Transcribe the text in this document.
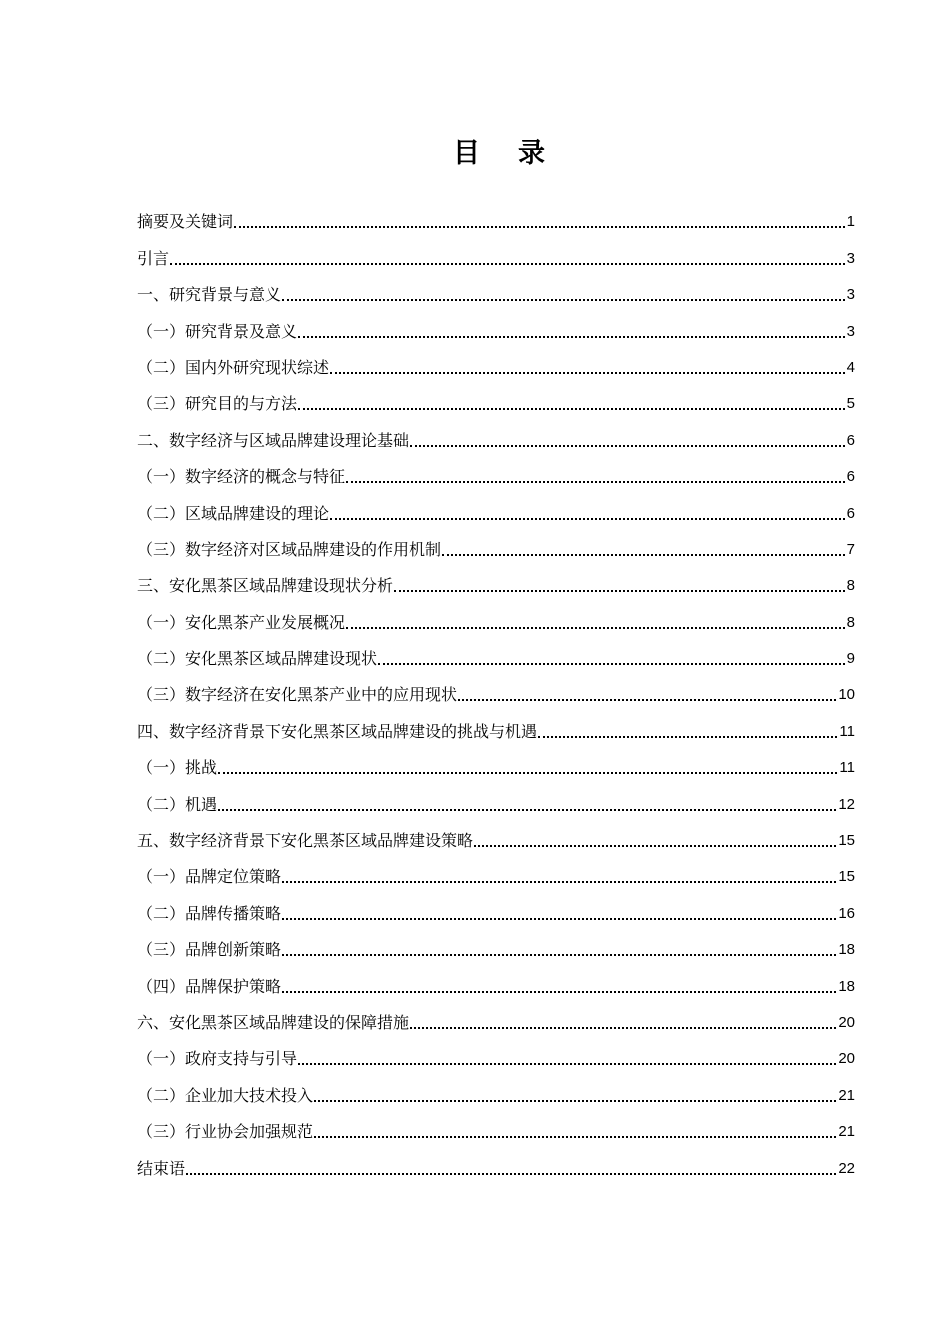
目 录
摘要及关键词	1
引言	3
一、研究背景与意义	3
（一）研究背景及意义	3
（二）国内外研究现状综述	4
（三）研究目的与方法	5
二、数字经济与区域品牌建设理论基础	6
（一）数字经济的概念与特征	6
（二）区域品牌建设的理论	6
（三）数字经济对区域品牌建设的作用机制	7
三、安化黑茶区域品牌建设现状分析	8
（一）安化黑茶产业发展概况	8
（二）安化黑茶区域品牌建设现状	9
（三）数字经济在安化黑茶产业中的应用现状	10
四、数字经济背景下安化黑茶区域品牌建设的挑战与机遇	11
（一）挑战	11
（二）机遇	12
五、数字经济背景下安化黑茶区域品牌建设策略	15
（一）品牌定位策略	15
（二）品牌传播策略	16
（三）品牌创新策略	18
（四）品牌保护策略	18
六、安化黑茶区域品牌建设的保障措施	20
（一）政府支持与引导	20
（二）企业加大技术投入	21
（三）行业协会加强规范	21
结束语	22
